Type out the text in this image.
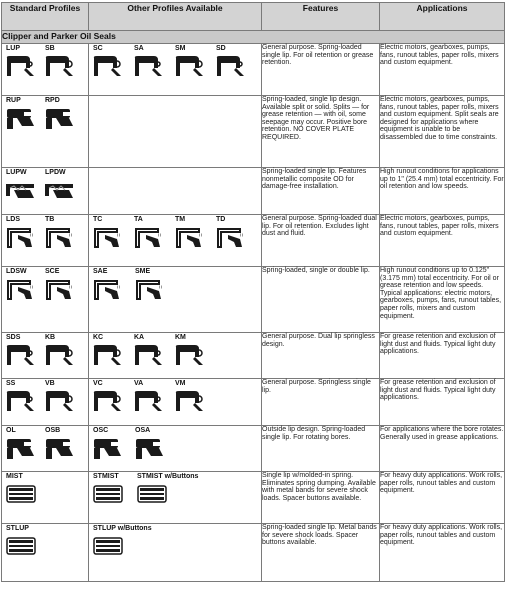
Standard Profiles	Other Profiles Available	Features	Applications
Clipper and Parker Oil Seals			

LUP SB	SC SA SM SD	General purpose. Spring-loaded single lip. For oil retention or grease retention.	Electric motors, gearboxes, pumps, fans, runout tables, paper rolls, mixers and custom equipment.

RUP RPD		Spring-loaded, single lip design. Available split or solid. Splits — for grease retention — with oil, some seepage may occur. Positive bore retention. NO COVER PLATE REQUIRED.	Electric motors, gearboxes, pumps, fans, runout tables, paper rolls, mixers and custom equipment. Split seals are designed for applications where equipment is unable to be disassembled due to time constraints.

LUPW LPDW		Spring-loaded single lip. Features nonmetallic composite OD for damage-free installation.	High runout conditions for applications up to 1" (25.4 mm) total eccentricity. For oil retention and low speeds.

LDS TB	TC TA TM TD	General purpose. Spring-loaded dual lip. For oil retention. Excludes light dust and fluid.	Electric motors, gearboxes, pumps, fans, runout tables, paper rolls, mixers and custom equipment.

LDSW SCE	SAE SME	Spring-loaded, single or double lip.	High runout conditions up to 0.125" (3.175 mm) total eccentricity. For oil or grease retention and low speeds. Typical applications: electric motors, gearboxes, pumps, fans, runout tables, paper rolls, mixers and custom equipment.

SDS KB	KC KA KM	General purpose. Dual lip springless design.	For grease retention and exclusion of light dust and fluids. Typical light duty applications.

SS VB	VC VA VM	General purpose. Springless single lip.	For grease retention and exclusion of light dust and fluids. Typical light duty applications.

OL OSB	OSC OSA	Outside lip design. Spring-loaded single lip. For rotating bores.	For applications where the bore rotates. Generally used in grease applications.

MIST	STMIST STMIST w/Buttons	Single lip w/molded-in spring. Eliminates spring dumping. Available with metal bands for severe shock loads. Spacer buttons available.	For heavy duty applications. Work rolls, paper rolls, runout tables and custom equipment.

STLUP	STLUP w/Buttons	Spring-loaded single lip. Metal bands for severe shock loads. Spacer buttons available.	For heavy duty applications. Work rolls, paper rolls, runout tables and custom equipment.
